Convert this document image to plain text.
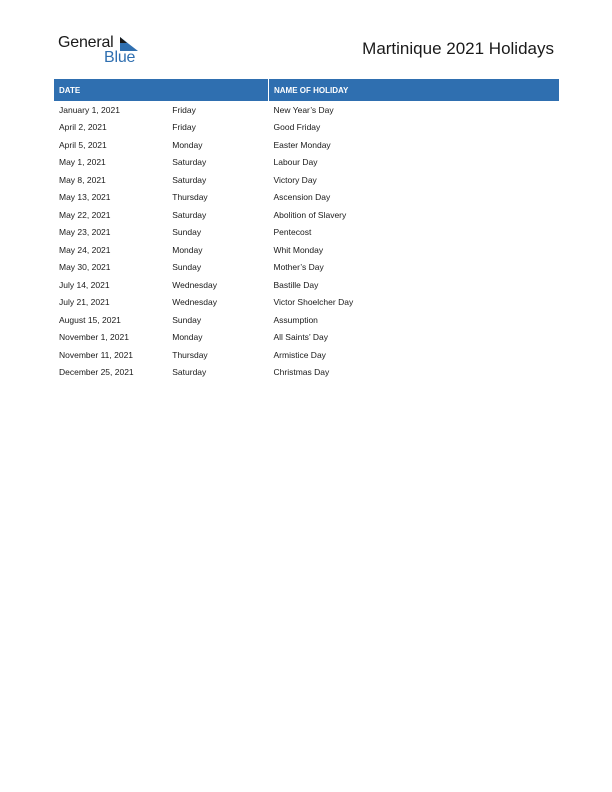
General
Blue	Martinique 2021 Holidays
DATE		NAME OF HOLIDAY
January 1, 2021	Friday	New Year’s Day
April 2, 2021	Friday	Good Friday
April 5, 2021	Monday	Easter Monday
May 1, 2021	Saturday	Labour Day
May 8, 2021	Saturday	Victory Day
May 13, 2021	Thursday	Ascension Day
May 22, 2021	Saturday	Abolition of Slavery
May 23, 2021	Sunday	Pentecost
May 24, 2021	Monday	Whit Monday
May 30, 2021	Sunday	Mother’s Day
July 14, 2021	Wednesday	Bastille Day
July 21, 2021	Wednesday	Victor Shoelcher Day
August 15, 2021	Sunday	Assumption
November 1, 2021	Monday	All Saints’ Day
November 11, 2021	Thursday	Armistice Day
December 25, 2021	Saturday	Christmas Day
